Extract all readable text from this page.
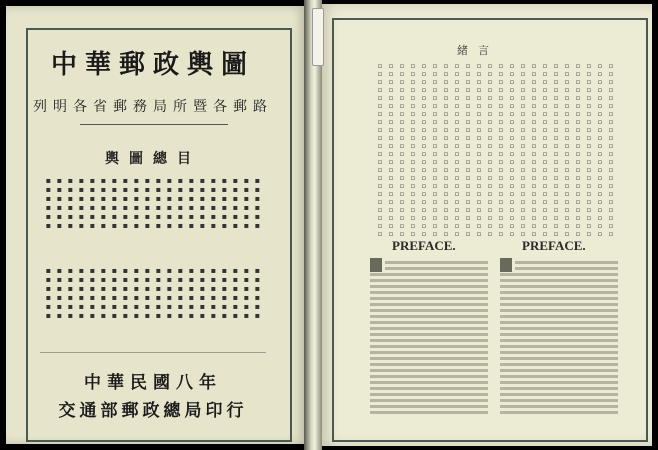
中華郵政輿圖
列明各省郵務局所暨各郵路
輿圖總目
▪▪▪▪▪▪
▪▪▪▪▪▪
▪▪▪▪▪▪
▪▪▪▪▪▪
▪▪▪▪▪▪
▪▪▪▪▪▪
▪▪▪▪▪▪
▪▪▪▪▪▪
▪▪▪▪▪▪
▪▪▪▪▪▪
▪▪▪▪▪▪
▪▪▪▪▪▪
▪▪▪▪▪▪
▪▪▪▪▪▪
▪▪▪▪▪▪
▪▪▪▪▪▪
▪▪▪▪▪▪
▪▪▪▪▪▪
▪▪▪▪▪▪
▪▪▪▪▪▪
▪▪▪▪▪▪
▪▪▪▪▪▪
▪▪▪▪▪▪
▪▪▪▪▪▪
▪▪▪▪▪▪
▪▪▪▪▪▪
▪▪▪▪▪▪
▪▪▪▪▪▪
▪▪▪▪▪▪
▪▪▪▪▪▪
▪▪▪▪▪▪
▪▪▪▪▪▪
▪▪▪▪▪▪
▪▪▪▪▪▪
▪▪▪▪▪▪
▪▪▪▪▪▪
▪▪▪▪▪▪
▪▪▪▪▪▪
▪▪▪▪▪▪
▪▪▪▪▪▪
中華民國八年
交通部郵政總局印行
緒言
▫▫▫▫▫▫▫▫▫▫▫▫▫▫▫▫▫▫▫▫▫▫
▫▫▫▫▫▫▫▫▫▫▫▫▫▫▫▫▫▫▫▫▫▫
▫▫▫▫▫▫▫▫▫▫▫▫▫▫▫▫▫▫▫▫▫▫
▫▫▫▫▫▫▫▫▫▫▫▫▫▫▫▫▫▫▫▫▫▫
▫▫▫▫▫▫▫▫▫▫▫▫▫▫▫▫▫▫▫▫▫▫
▫▫▫▫▫▫▫▫▫▫▫▫▫▫▫▫▫▫▫▫▫▫
▫▫▫▫▫▫▫▫▫▫▫▫▫▫▫▫▫▫▫▫▫▫
▫▫▫▫▫▫▫▫▫▫▫▫▫▫▫▫▫▫▫▫▫▫
▫▫▫▫▫▫▫▫▫▫▫▫▫▫▫▫▫▫▫▫▫▫
▫▫▫▫▫▫▫▫▫▫▫▫▫▫▫▫▫▫▫▫▫▫
▫▫▫▫▫▫▫▫▫▫▫▫▫▫▫▫▫▫▫▫▫▫
▫▫▫▫▫▫▫▫▫▫▫▫▫▫▫▫▫▫▫▫▫▫
▫▫▫▫▫▫▫▫▫▫▫▫▫▫▫▫▫▫▫▫▫▫
▫▫▫▫▫▫▫▫▫▫▫▫▫▫▫▫▫▫▫▫▫▫
▫▫▫▫▫▫▫▫▫▫▫▫▫▫▫▫▫▫▫▫▫▫
▫▫▫▫▫▫▫▫▫▫▫▫▫▫▫▫▫▫▫▫▫▫
▫▫▫▫▫▫▫▫▫▫▫▫▫▫▫▫▫▫▫▫▫▫
▫▫▫▫▫▫▫▫▫▫▫▫▫▫▫▫▫▫▫▫▫▫
▫▫▫▫▫▫▫▫▫▫▫▫▫▫▫▫▫▫▫▫▫▫
▫▫▫▫▫▫▫▫▫▫▫▫▫▫▫▫▫▫▫▫▫▫
▫▫▫▫▫▫▫▫▫▫▫▫▫▫▫▫▫▫▫▫▫▫
▫▫▫▫▫▫▫▫▫▫▫▫▫▫▫▫▫▫▫▫▫▫
PREFACE.	PREFACE.
